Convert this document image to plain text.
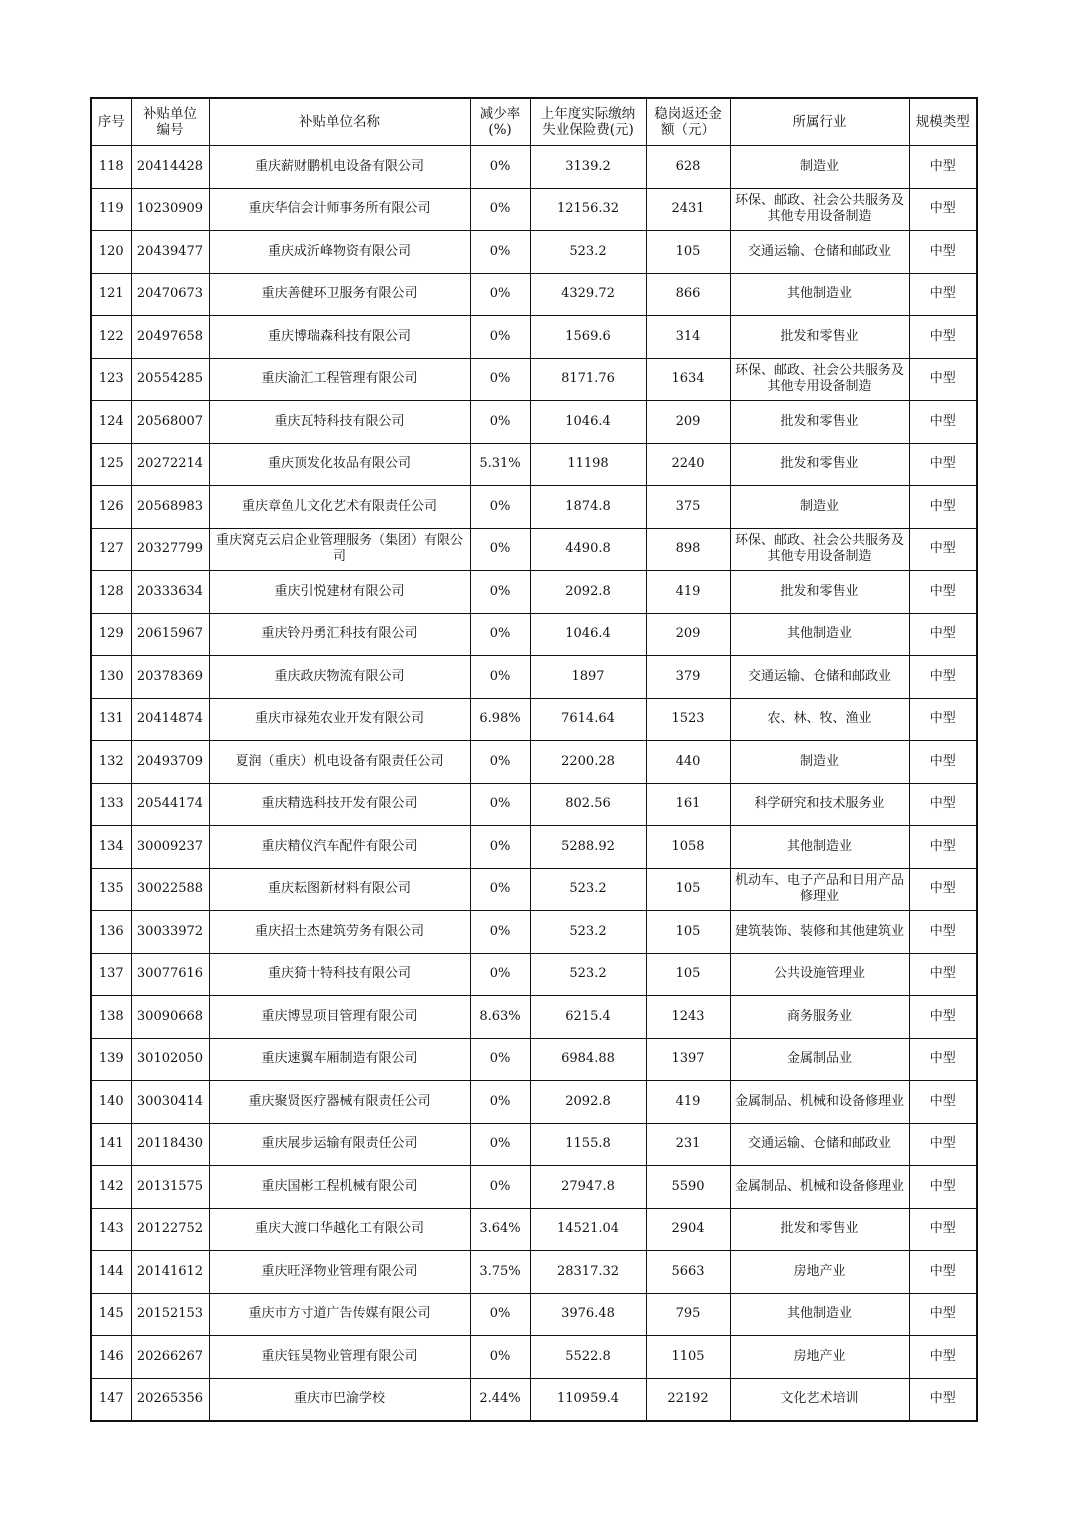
序号	补贴单位编号	补贴单位名称	减少率(%)	上年度实际缴纳失业保险费(元)	稳岗返还金额（元）	所属行业	规模类型
118	20414428	重庆薪财鹏机电设备有限公司	0%	3139.2	628	制造业	中型
119	10230909	重庆华信会计师事务所有限公司	0%	12156.32	2431	环保、邮政、社会公共服务及其他专用设备制造	中型
120	20439477	重庆成沂峰物资有限公司	0%	523.2	105	交通运输、仓储和邮政业	中型
121	20470673	重庆善健环卫服务有限公司	0%	4329.72	866	其他制造业	中型
122	20497658	重庆博瑞森科技有限公司	0%	1569.6	314	批发和零售业	中型
123	20554285	重庆渝汇工程管理有限公司	0%	8171.76	1634	环保、邮政、社会公共服务及其他专用设备制造	中型
124	20568007	重庆瓦特科技有限公司	0%	1046.4	209	批发和零售业	中型
125	20272214	重庆顶发化妆品有限公司	5.31%	11198	2240	批发和零售业	中型
126	20568983	重庆章鱼儿文化艺术有限责任公司	0%	1874.8	375	制造业	中型
127	20327799	重庆窝克云启企业管理服务（集团）有限公司	0%	4490.8	898	环保、邮政、社会公共服务及其他专用设备制造	中型
128	20333634	重庆引悦建材有限公司	0%	2092.8	419	批发和零售业	中型
129	20615967	重庆铃丹勇汇科技有限公司	0%	1046.4	209	其他制造业	中型
130	20378369	重庆政庆物流有限公司	0%	1897	379	交通运输、仓储和邮政业	中型
131	20414874	重庆市禄苑农业开发有限公司	6.98%	7614.64	1523	农、林、牧、渔业	中型
132	20493709	夏润（重庆）机电设备有限责任公司	0%	2200.28	440	制造业	中型
133	20544174	重庆精选科技开发有限公司	0%	802.56	161	科学研究和技术服务业	中型
134	30009237	重庆精仪汽车配件有限公司	0%	5288.92	1058	其他制造业	中型
135	30022588	重庆耘图新材料有限公司	0%	523.2	105	机动车、电子产品和日用产品修理业	中型
136	30033972	重庆招士杰建筑劳务有限公司	0%	523.2	105	建筑装饰、装修和其他建筑业	中型
137	30077616	重庆猗十特科技有限公司	0%	523.2	105	公共设施管理业	中型
138	30090668	重庆博昱项目管理有限公司	8.63%	6215.4	1243	商务服务业	中型
139	30102050	重庆速翼车厢制造有限公司	0%	6984.88	1397	金属制品业	中型
140	30030414	重庆聚贤医疗器械有限责任公司	0%	2092.8	419	金属制品、机械和设备修理业	中型
141	20118430	重庆展步运输有限责任公司	0%	1155.8	231	交通运输、仓储和邮政业	中型
142	20131575	重庆国彬工程机械有限公司	0%	27947.8	5590	金属制品、机械和设备修理业	中型
143	20122752	重庆大渡口华越化工有限公司	3.64%	14521.04	2904	批发和零售业	中型
144	20141612	重庆旺泽物业管理有限公司	3.75%	28317.32	5663	房地产业	中型
145	20152153	重庆市方寸道广告传媒有限公司	0%	3976.48	795	其他制造业	中型
146	20266267	重庆钰昊物业管理有限公司	0%	5522.8	1105	房地产业	中型
147	20265356	重庆市巴渝学校	2.44%	110959.4	22192	文化艺术培训	中型
